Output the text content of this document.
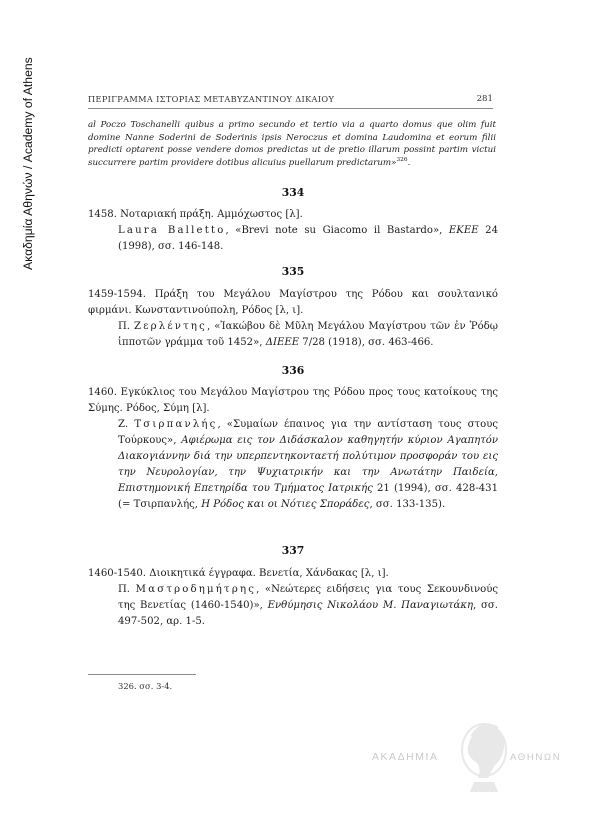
Ακαδημία Αθηνών / Academy of Athens	ΠΕΡΙΓΡΑΜΜΑ ΙΣΤΟΡΙΑΣ ΜΕΤΑΒΥΖΑΝΤΙΝΟΥ ΔΙΚΑΙΟΥ	281
al Poczo Toschanelli quibus a primo secundo et tertio via a quarto domus que olim fuit domine Nanne Soderini de Soderinis ipsis Neroczus et domina Laudomina et eorum filii predicti optarent posse vendere domos predictas ut de pretio illarum possint partim victui succurrere partim providere dotibus alicuius puellarum predictarum»$^{326}$.
334
1458. Νοταριακή πράξη. Αμμόχωστος [λ].
Laura Balletto, «Brevi note su Giacomo il Bastardo», EKEE 24 (1998), σσ. 146-148.
335
1459-1594. Πράξη του Μεγάλου Μαγίστρου της Ρόδου και σουλτανικό φιρμάνι. Κωνσταντινούπολη, Ρόδος [λ, ι].
Π. Ζερλέντης, «Ἰακώβου δὲ Μῦλη Μεγάλου Μαγίστρου τῶν ἐν Ῥόδῳ ἱπποτῶν γράμμα τοῦ 1452», ΔΙΕΕΕ 7/28 (1918), σσ. 463-466.
336
1460. Εγκύκλιος του Μεγάλου Μαγίστρου της Ρόδου προς τους κατοίκους της Σύμης. Ρόδος, Σύμη [λ].
Ζ. Τσιρπανλής, «Συμαίων έπαινος για την αντίσταση τους στους Τούρκους», Αφιέρωμα εις τον Διδάσκαλον καθηγητήν κύριον Αγαπητόν Διακογιάννην διά την υπερπεντηκονταετή πολύτιμον προσφοράν του εις την Νευρολογίαν, την Ψυχιατρικήν και την Ανωτάτην Παιδεία, Επιστημονική Επετηρίδα του Τμήματος Ιατρικής 21 (1994), σσ. 428-431 (= Τσιρπανλής, Η Ρόδος και οι Νότιες Σποράδες, σσ. 133-135).
337
1460-1540. Διοικητικά έγγραφα. Βενετία, Χάνδακας [λ, ι].
Π. Μαστροδημήτρης, «Νεώτερες ειδήσεις για τους Σεκουνδινούς της Βενετίας (1460-1540)», Ενθύμησις Νικολάου Μ. Παναγιωτάκη, σσ. 497-502, αρ. 1-5.
326. σσ. 3-4.
ΑΚΑΔΗΜΙΑ	ΑΘΗΝΩΝ
